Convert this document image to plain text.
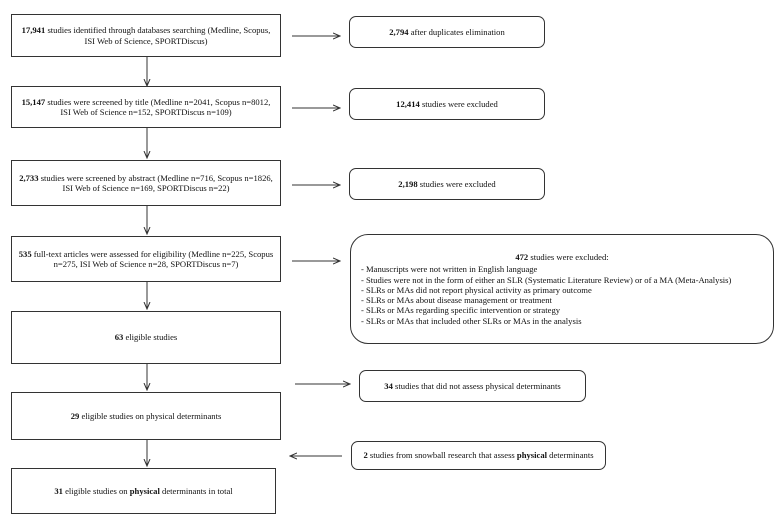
17,941 studies identified through databases searching (Medline, Scopus,
ISI Web of Science, SPORTDiscus)
15,147 studies were screened by title (Medline n=2041, Scopus n=8012,
ISI Web of Science n=152, SPORTDiscus n=109)
2,733 studies were screened by abstract (Medline n=716, Scopus n=1826,
ISI Web of Science n=169, SPORTDiscus n=22)
535 full-text articles were assessed for eligibility (Medline n=225, Scopus
n=275, ISI Web of Science n=28, SPORTDiscus n=7)
63 eligible studies
29 eligible studies on physical determinants
31 eligible studies on physical determinants in total
2,794 after duplicates elimination
12,414 studies were excluded
2,198 studies were excluded
472 studies were excluded:
- Manuscripts were not written in English language
- Studies were not in the form of either an SLR (Systematic Literature Review) or of a MA (Meta-Analysis)
- SLRs or MAs did not report physical activity as primary outcome
- SLRs or MAs about disease management or treatment
- SLRs or MAs regarding specific intervention or strategy
- SLRs or MAs that included other SLRs or MAs in the analysis
34 studies that did not assess physical determinants
2 studies from snowball research that assess physical determinants
